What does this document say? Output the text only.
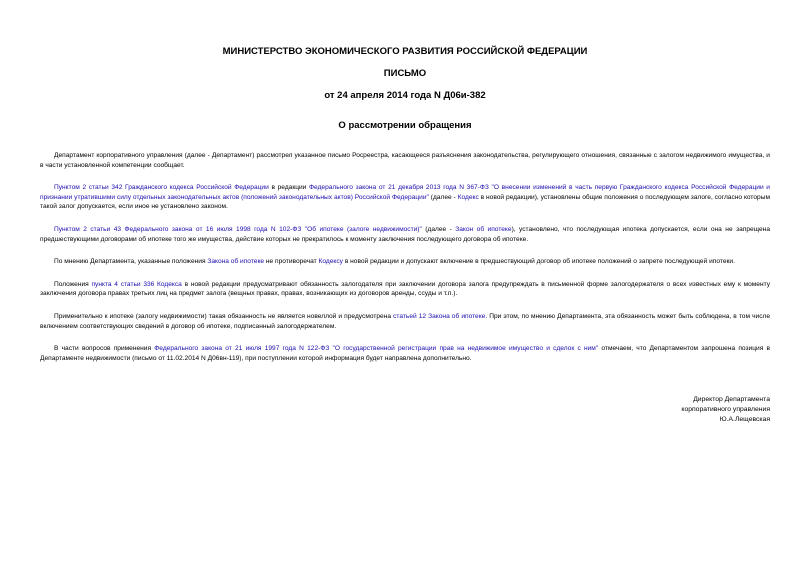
МИНИСТЕРСТВО ЭКОНОМИЧЕСКОГО РАЗВИТИЯ РОССИЙСКОЙ ФЕДЕРАЦИИ
ПИСЬМО
от 24 апреля 2014 года N Д06и-382
О рассмотрении обращения

Департамент корпоративного управления (далее - Департамент) рассмотрел указанное письмо Росреестра, касающееся разъяснения законодательства, регулирующего отношения, связанные с залогом недвижимого имущества, и в части установленной компетенции сообщает.

Пунктом 2 статьи 342 Гражданского кодекса Российской Федерации в редакции Федерального закона от 21 декабря 2013 года N 367-ФЗ "О внесении изменений в часть первую Гражданского кодекса Российской Федерации и признании утратившими силу отдельных законодательных актов (положений законодательных актов) Российской Федерации" (далее - Кодекс в новой редакции), установлены общие положения о последующем залоге, согласно которым такой залог допускается, если иное не установлено законом.

Пунктом 2 статьи 43 Федерального закона от 16 июля 1998 года N 102-ФЗ "Об ипотеке (залоге недвижимости)" (далее - Закон об ипотеке), установлено, что последующая ипотека допускается, если она не запрещена предшествующими договорами об ипотеке того же имущества, действие которых не прекратилось к моменту заключения последующего договора об ипотеке.

По мнению Департамента, указанные положения Закона об ипотеке не противоречат Кодексу в новой редакции и допускают включение в предшествующий договор об ипотеке положений о запрете последующей ипотеки.

Положения пункта 4 статьи 336 Кодекса в новой редакции предусматривают обязанность залогодателя при заключении договора залога предупреждать в письменной форме залогодержателя о всех известных ему к моменту заключения договора правах третьих лиц на предмет залога (вещных правах, правах, возникающих из договоров аренды, ссуды и т.п.).

Применительно к ипотеке (залогу недвижимости) такая обязанность не является новеллой и предусмотрена статьей 12 Закона об ипотеке. При этом, по мнению Департамента, эта обязанность может быть соблюдена, в том числе включением соответствующих сведений в договор об ипотеке, подписанный залогодержателем.

В части вопросов применения Федерального закона от 21 июля 1997 года N 122-ФЗ "О государственной регистрации прав на недвижимое имущество и сделок с ним" отмечаем, что Департаментом запрошена позиция в Департаменте недвижимости (письмо от 11.02.2014 N Д06вн-119), при поступлении которой информация будет направлена дополнительно.

Директор Департамента
корпоративного управления
Ю.А.Лещевская
